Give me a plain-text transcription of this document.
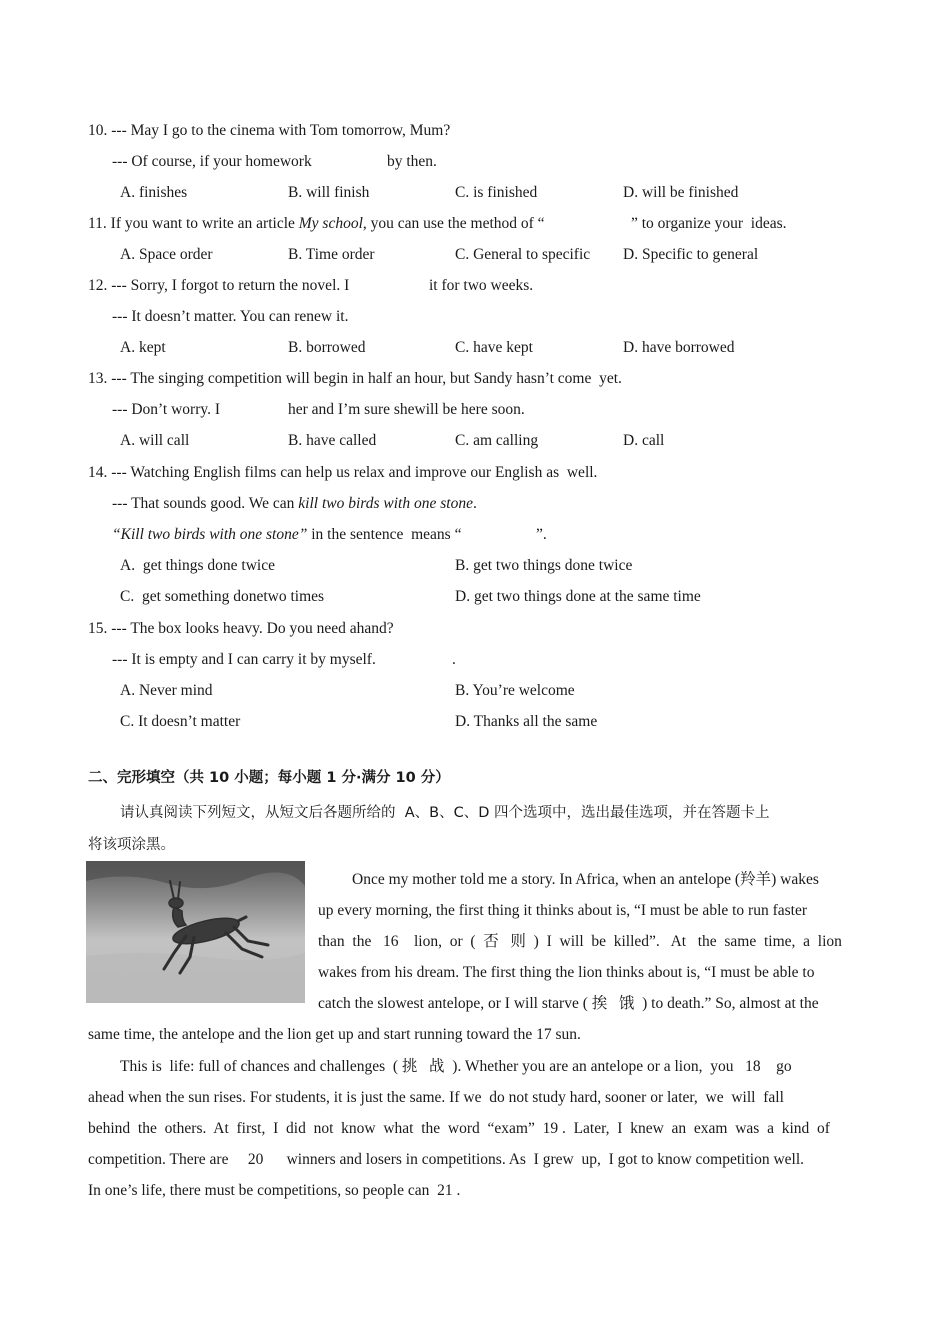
10. --- May I go to the cinema with Tom tomorrow, Mum?
--- Of course, if your homework	by then.
A. finishes	B. will finish	C. is finished	D. will be finished
11. If you want to write an article My school, you can use the method of “	” to organize your  ideas.
A. Space order	B. Time order	C. General to specific D. Specific to general
12. --- Sorry, I forgot to return the novel. I	it for two weeks.
--- It doesn’t matter. You can renew it.
A. kept	B. borrowed	C. have kept	D. have borrowed
13. --- The singing competition will begin in half an hour, but Sandy hasn’t come  yet.
--- Don’t worry. I	her and I’m sure shewill be here soon.
A. will call	B. have called	C. am calling	D. call
14. --- Watching English films can help us relax and improve our English as  well.
--- That sounds good. We can kill two birds with one stone.
“Kill two birds with one stone” in the sentence  means “	”.
A.  get things done twice	B. get two things done twice
C.  get something donetwo times	D. get two things done at the same time
15. --- The box looks heavy. Do you need ahand?
--- It is empty and I can carry it by myself.	.
A. Never mind	B. You’re welcome
C. It doesn’t matter	D. Thanks all the same
二、完形填空（共 10 小题；每小题 1 分·满分 10 分）
请认真阅读下列短文，从短文后各题所给的  A、B、C、D 四个选项中，选出最佳选项，并在答题卡上
将该项涂黑。
Once my mother told me a story. In Africa, when an antelope (羚羊) wakes
up every morning, the first thing it thinks about is, “I must be able to run faster
than  the   16    lion,  or  (  否   则  )  I  will  be  killed”.   At   the  same  time,  a  lion
wakes from his dream. The first thing the lion thinks about is, “I must be able to
catch the slowest antelope, or I will starve ( 挨   饿  ) to death.” So, almost at the
same time, the antelope and the lion get up and start running toward the 17 sun.
This is  life: full of chances and challenges  ( 挑   战  ). Whether you are an antelope or a lion,  you   18    go
ahead when the sun rises. For students, it is just the same. If we  do not study hard, sooner or later,  we  will  fall
behind  the  others.  At  first,  I  did  not  know  what  the  word  “exam”  19 .  Later,  I  knew  an  exam  was  a  kind  of
competition. There are     20      winners and losers in competitions. As  I grew  up,  I got to know competition well.
In one’s life, there must be competitions, so people can  21 .
